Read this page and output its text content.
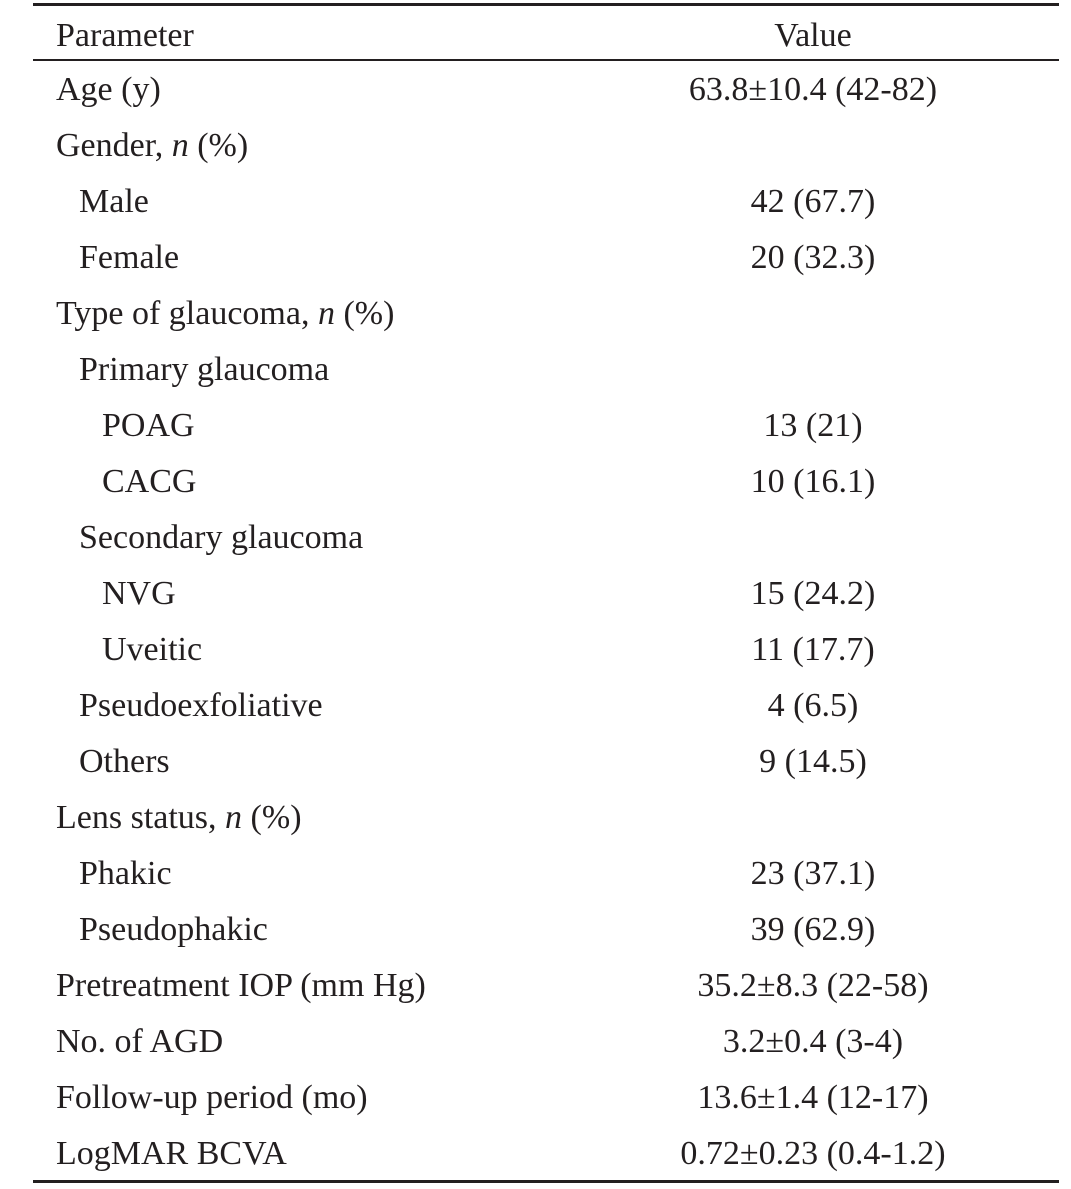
Parameter	Value
Age (y)	63.8±10.4 (42-82)
Gender, n (%)
Male	42 (67.7)
Female	20 (32.3)
Type of glaucoma, n (%)
Primary glaucoma
POAG	13 (21)
CACG	10 (16.1)
Secondary glaucoma
NVG	15 (24.2)
Uveitic	11 (17.7)
Pseudoexfoliative	4 (6.5)
Others	9 (14.5)
Lens status, n (%)
Phakic	23 (37.1)
Pseudophakic	39 (62.9)
Pretreatment IOP (mm Hg)	35.2±8.3 (22-58)
No. of AGD	3.2±0.4 (3-4)
Follow-up period (mo)	13.6±1.4 (12-17)
LogMAR BCVA	0.72±0.23 (0.4-1.2)
